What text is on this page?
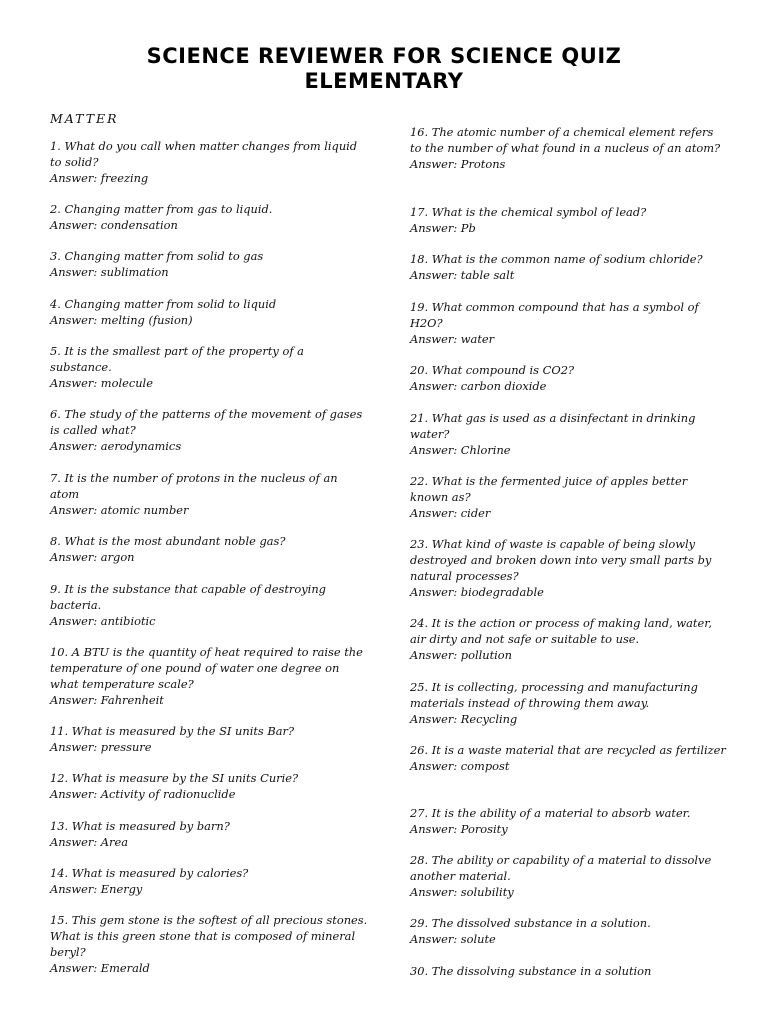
SCIENCE REVIEWER FOR SCIENCE QUIZ
ELEMENTARY
MATTER
1. What do you call when matter changes from liquid to solid?
Answer: freezing
2. Changing matter from gas to liquid.
Answer: condensation
3. Changing matter from solid to gas
Answer: sublimation
4. Changing matter from solid to liquid
Answer: melting (fusion)
5. It is the smallest part of the property of a substance.
Answer: molecule
6. The study of the patterns of the movement of gases is called what?
Answer: aerodynamics
7. It is the number of protons in the nucleus of an atom
Answer: atomic number
8. What is the most abundant noble gas?
Answer: argon
9. It is the substance that capable of destroying bacteria.
Answer: antibiotic
10. A BTU is the quantity of heat required to raise the temperature of one pound of water one degree on what temperature scale?
Answer: Fahrenheit
11. What is measured by the SI units Bar?
Answer: pressure
12. What is measure by the SI units Curie?
Answer: Activity of radionuclide
13. What is measured by barn?
Answer: Area
14. What is measured by calories?
Answer: Energy
15. This gem stone is the softest of all precious stones. What is this green stone that is composed of mineral beryl?
Answer: Emerald
16. The atomic number of a chemical element refers to the number of what found in a nucleus of an atom?
Answer: Protons
17. What is the chemical symbol of lead?
Answer: Pb
18. What is the common name of sodium chloride?
Answer: table salt
19. What common compound that has a symbol of H2O?
Answer: water
20. What compound is CO2?
Answer: carbon dioxide
21. What gas is used as a disinfectant in drinking water?
Answer: Chlorine
22. What is the fermented juice of apples better known as?
Answer: cider
23. What kind of waste is capable of being slowly destroyed and broken down into very small parts by natural processes?
Answer: biodegradable
24. It is the action or process of making land, water, air dirty and not safe or suitable to use.
Answer: pollution
25. It is collecting, processing and manufacturing materials instead of throwing them away.
Answer: Recycling
26. It is a waste material that are recycled as fertilizer
Answer: compost
27. It is the ability of a material to absorb water.
Answer: Porosity
28. The ability or capability of a material to dissolve another material.
Answer: solubility
29. The dissolved substance in a solution.
Answer: solute
30. The dissolving substance in a solution
